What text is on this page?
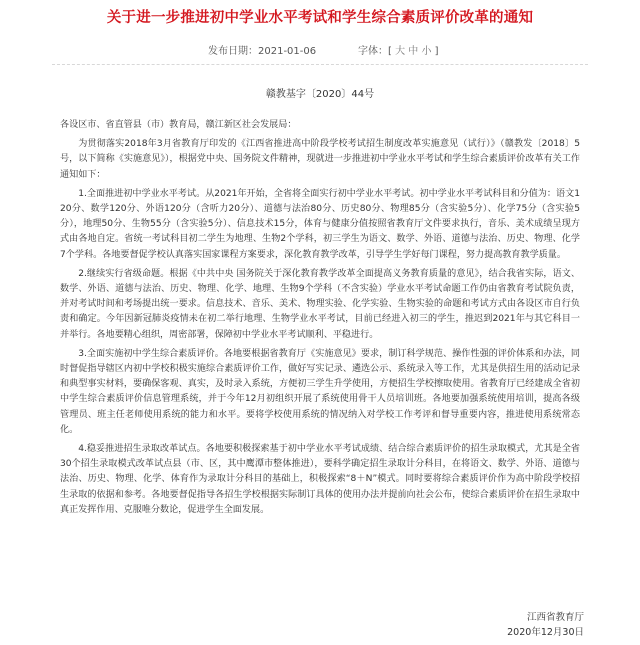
关于进一步推进初中学业水平考试和学生综合素质评价改革的通知
发布日期：2021-01-06	字体：[ 大 中 小 ]
赣教基字〔2020〕44号

各设区市、省直管县（市）教育局，赣江新区社会发展局：

为贯彻落实2018年3月省教育厅印发的《江西省推进高中阶段学校考试招生制度改革实施意见（试行）》（赣教发〔2018〕5号，以下简称《实施意见》），根据党中央、国务院文件精神，现就进一步推进初中学业水平考试和学生综合素质评价改革有关工作通知如下：

1.全面推进初中学业水平考试。从2021年开始，全省将全面实行初中学业水平考试。初中学业水平考试科目和分值为：语文120分、数学120分、外语120分（含听力20分）、道德与法治80分、历史80分、物理85分（含实验5分）、化学75分（含实验5分），地理50分、生物55分（含实验5分）、信息技术15分，体育与健康分值按照省教育厅文件要求执行，音乐、美术成绩呈现方式由各地自定。省统一考试科目初二学生为地理、生物2个学科，初三学生为语文、数学、外语、道德与法治、历史、物理、化学7个学科。各地要督促学校认真落实国家课程方案要求，深化教育教学改革，引导学生学好每门课程，努力提高教育教学质量。

2.继续实行省级命题。根据《中共中央 国务院关于深化教育教学改革全面提高义务教育质量的意见》，结合我省实际，语文、数学、外语、道德与法治、历史、物理、化学、地理、生物9个学科（不含实验）学业水平考试命题工作仍由省教育考试院负责，并对考试时间和考场提出统一要求。信息技术、音乐、美术、物理实验、化学实验、生物实验的命题和考试方式由各设区市自行负责和确定。今年因新冠肺炎疫情未在初二举行地理、生物学业水平考试，目前已经进入初三的学生，推迟到2021年与其它科目一并举行。各地要精心组织，周密部署，保障初中学业水平考试顺利、平稳进行。

3.全面实施初中学生综合素质评价。各地要根据省教育厅《实施意见》要求，制订科学规范、操作性强的评价体系和办法，同时督促指导辖区内初中学校积极实施综合素质评价工作，做好写实记录、遴选公示、系统录入等工作，尤其是供招生用的活动记录和典型事实材料，要确保客观、真实，及时录入系统，方便初三学生升学使用，方便招生学校擦取使用。省教育厅已经建成全省初中学生综合素质评价信息管理系统，并于今年12月初组织开展了系统使用骨干人员培训班。各地要加强系统使用培训，提高各级管理员、班主任老师使用系统的能力和水平。要将学校使用系统的情况纳入对学校工作考评和督导重要内容，推进使用系统常态化。

4.稳妥推进招生录取改革试点。各地要积极探索基于初中学业水平考试成绩、结合综合素质评价的招生录取模式，尤其是全省30个招生录取模式改革试点县（市、区，其中鹰潭市整体推进），要科学确定招生录取计分科目，在将语文、数学、外语、道德与法治、历史、物理、化学、体育作为录取计分科目的基础上，积极探索“8＋N”模式。同时要将综合素质评价作为高中阶段学校招生录取的依据和参考。各地要督促指导各招生学校根据实际制订具体的使用办法并提前向社会公布，使综合素质评价在招生录取中真正发挥作用、克服唯分数论，促进学生全面发展。

江西省教育厅
2020年12月30日
